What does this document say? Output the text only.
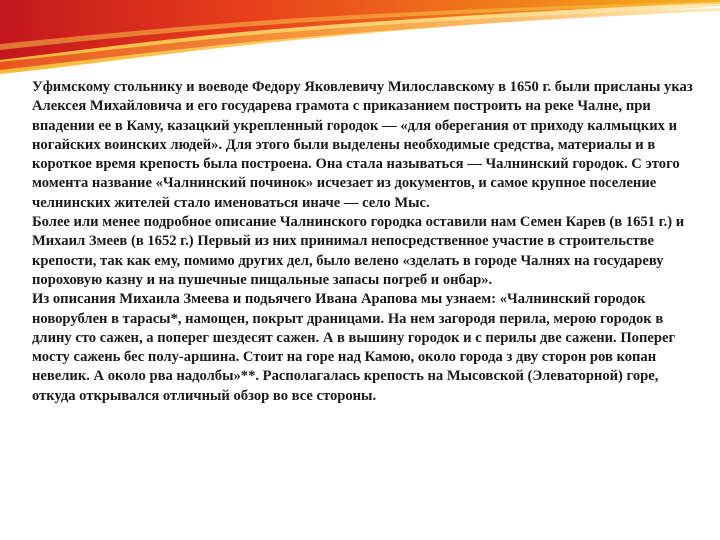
Уфимскому стольнику и воеводе Федору Яковлевичу Милославскому в 1650 г. были присланы указ Алексея Михайловича и его государева грамота с приказанием построить на реке Чалне, при впадении ее в Каму, казацкий укрепленный городок — «для оберегания от приходу калмыцких и ногайских воинских людей». Для этого были выделены необходимые средства, материалы и в короткое время крепость была построена. Она стала называться — Чалнинский городок. С этого момента название «Чалнинский починок» исчезает из документов, и самое крупное поселение челнинских жителей стало именоваться иначе — село Мыс.

Более или менее подробное описание Чалнинского городка оставили нам Семен Карев (в 1651 г.) и Михаил Змеев (в 1652 г.) Первый из них принимал непосредственное участие в строительстве крепости, так как ему, помимо других дел, было велено «зделать в городе Чалнях на государеву пороховую казну и на пушечные пищальные запасы погреб и онбар».

Из описания Михаила Змеева и подьячего Ивана Арапова мы узнаем: «Чалнинский городок новорублен в тарасы*, намощен, покрыт драницами. На нем загородя перила, мерою городок в длину сто сажен, а поперег шездесят сажен. А в вышину городок и с перилы две сажени. Поперег мосту сажень бес полу-аршина. Стоит на горе над Камою, около города з дву сторон ров копан невелик. А около рва надолбы»**. Располагалась крепость на Мысовской (Элеваторной) горе, откуда открывался отличный обзор во все стороны.
